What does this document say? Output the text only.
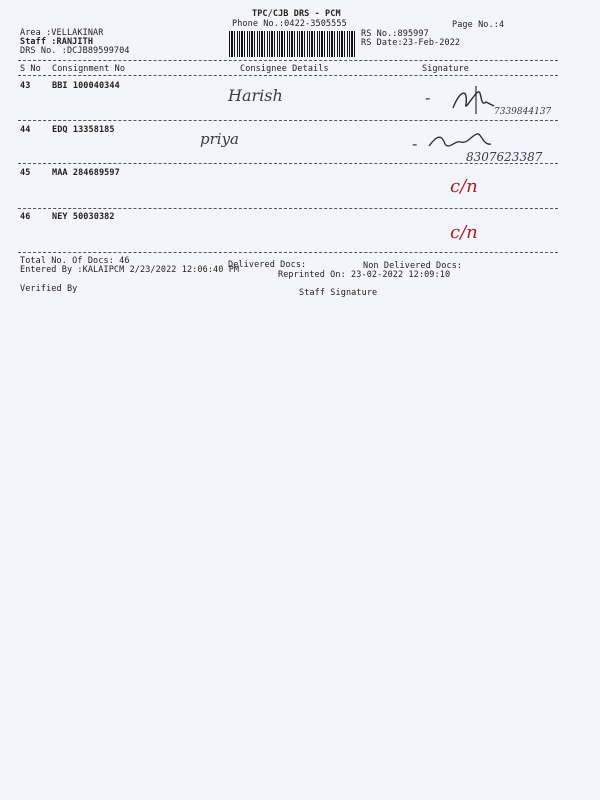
TPC/CJB DRS - PCM
Phone No.:0422-3505555	Page No.:4
Area :VELLAKINAR
Staff :RANJITH
DRS No. :DCJB89599704
RS No.:895997
RS Date:23-Feb-2022
S No Consignment No	Consignee Details	Signature
43	BBI 100040344	Harish	-
7339844137
44	EDQ 13358185	priya	-
8307623387
45	MAA 284689597
c/n
46	NEY 50030382
c/n
Total No. Of Docs: 46	Delivered Docs:	Non Delivered Docs:
Entered By :KALAIPCM 2/23/2022 12:06:40 PM	Reprinted On: 23-02-2022 12:09:10
Verified By	Staff Signature
